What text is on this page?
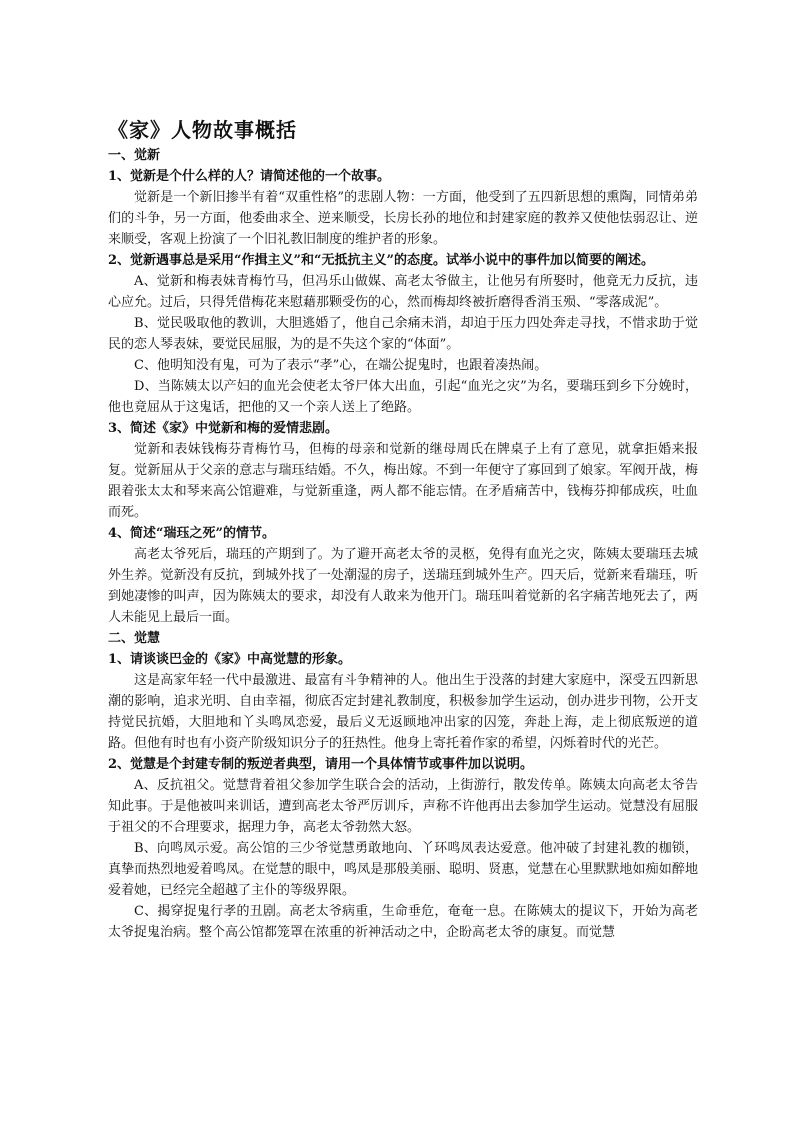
《家》人物故事概括
一、觉新
1、觉新是个什么样的人？请简述他的一个故事。

觉新是一个新旧掺半有着“双重性格”的悲剧人物：一方面，他受到了五四新思想的熏陶，同情弟弟们的斗争，另一方面，他委曲求全、逆来顺受，长房长孙的地位和封建家庭的教养又使他怯弱忍让、逆来顺受，客观上扮演了一个旧礼教旧制度的维护者的形象。

2、觉新遇事总是采用“作揖主义”和“无抵抗主义”的态度。试举小说中的事件加以简要的阐述。

A、觉新和梅表妹青梅竹马，但冯乐山做媒、高老太爷做主，让他另有所娶时，他竟无力反抗，违心应允。过后，只得凭借梅花来慰藉那颗受伤的心，然而梅却终被折磨得香消玉殒、“零落成泥”。

B、觉民吸取他的教训，大胆逃婚了，他自己余痛未消，却迫于压力四处奔走寻找，不惜求助于觉民的恋人琴表妹，要觉民屈服，为的是不失这个家的“体面”。

C、他明知没有鬼，可为了表示“孝”心，在端公捉鬼时，也跟着凑热闹。

D、当陈姨太以产妇的血光会使老太爷尸体大出血，引起“血光之灾”为名，要瑞珏到乡下分娩时，他也竟屈从于这鬼话，把他的又一个亲人送上了绝路。

3、简述《家》中觉新和梅的爱情悲剧。

觉新和表妹钱梅芬青梅竹马，但梅的母亲和觉新的继母周氏在牌桌子上有了意见，就拿拒婚来报复。觉新屈从于父亲的意志与瑞珏结婚。不久，梅出嫁。不到一年便守了寡回到了娘家。军阀开战，梅跟着张太太和琴来高公馆避难，与觉新重逢，两人都不能忘情。在矛盾痛苦中，钱梅芬抑郁成疾，吐血而死。

4、简述“瑞珏之死”的情节。

高老太爷死后，瑞珏的产期到了。为了避开高老太爷的灵柩，免得有血光之灾，陈姨太要瑞珏去城外生养。觉新没有反抗，到城外找了一处潮湿的房子，送瑞珏到城外生产。四天后，觉新来看瑞珏，听到她凄惨的叫声，因为陈姨太的要求，却没有人敢来为他开门。瑞珏叫着觉新的名字痛苦地死去了，两人未能见上最后一面。

二、觉慧
1、请谈谈巴金的《家》中高觉慧的形象。

这是高家年轻一代中最激进、最富有斗争精神的人。他出生于没落的封建大家庭中，深受五四新思潮的影响，追求光明、自由幸福，彻底否定封建礼教制度，积极参加学生运动，创办进步刊物，公开支持觉民抗婚，大胆地和丫头鸣凤恋爱，最后义无返顾地冲出家的囚笼，奔赴上海，走上彻底叛逆的道路。但他有时也有小资产阶级知识分子的狂热性。他身上寄托着作家的希望，闪烁着时代的光芒。

2、觉慧是个封建专制的叛逆者典型，请用一个具体情节或事件加以说明。

A、反抗祖父。觉慧背着祖父参加学生联合会的活动，上街游行，散发传单。陈姨太向高老太爷告知此事。于是他被叫来训话，遭到高老太爷严厉训斥，声称不许他再出去参加学生运动。觉慧没有屈服于祖父的不合理要求，据理力争，高老太爷勃然大怒。

B、向鸣凤示爱。高公馆的三少爷觉慧勇敢地向、丫环鸣凤表达爱意。他冲破了封建礼教的枷锁，真挚而热烈地爱着鸣凤。在觉慧的眼中，鸣凤是那般美丽、聪明、贤惠，觉慧在心里默默地如痴如醉地爱着她，已经完全超越了主仆的等级界限。

C、揭穿捉鬼行孝的丑剧。高老太爷病重，生命垂危，奄奄一息。在陈姨太的提议下，开始为高老太爷捉鬼治病。整个高公馆都笼罩在浓重的祈神活动之中，企盼高老太爷的康复。而觉慧
